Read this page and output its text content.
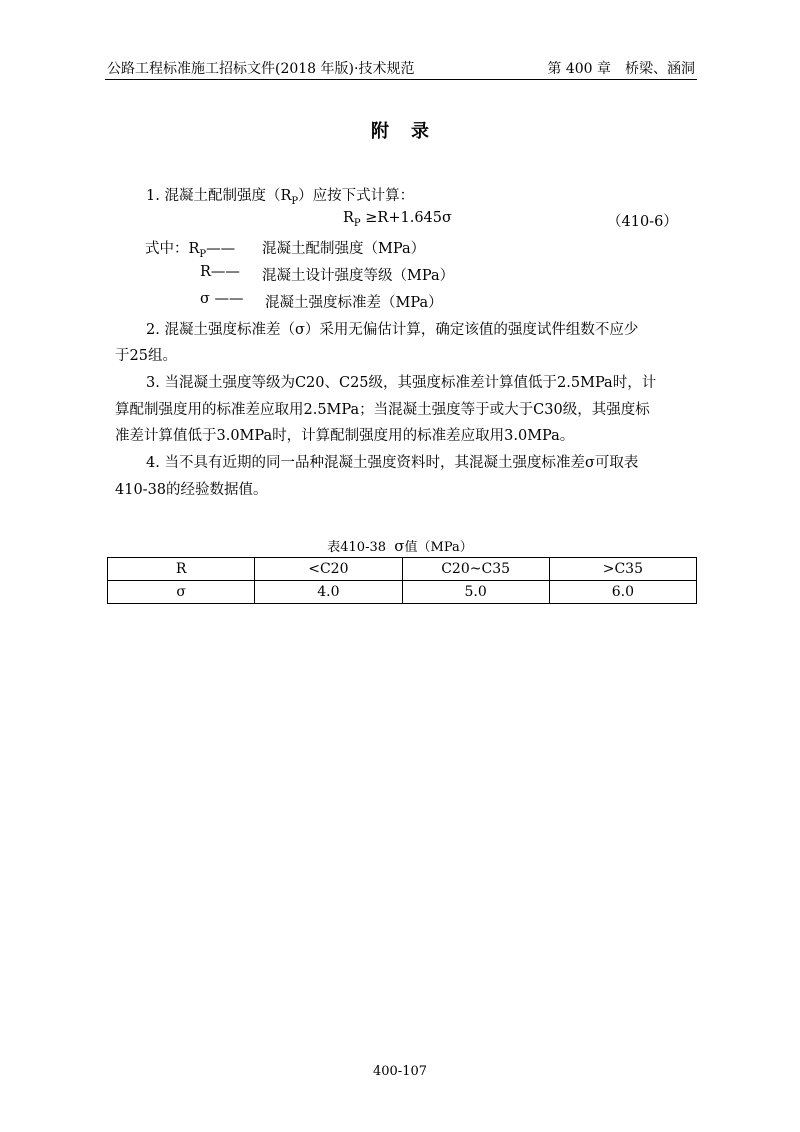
公路工程标准施工招标文件(2018 年版)·技术规范	第 400 章　桥梁、涵洞
附录
1. 混凝土配制强度$(R_P)$应按下式计算：
$R_P \ge R+1.645\sigma$	（410-6）
式中：$R_P——$ 混凝土配制强度（MPa）
R—— 混凝土设计强度等级（MPa）
σ —— 混凝土强度标准差（MPa）
2. 混凝土强度标准差（σ）采用无偏估计算，确定该值的强度试件组数不应少
于25组。
3. 当混凝土强度等级为C20、C25级，其强度标准差计算值低于2.5MPa时，计
算配制强度用的标准差应取用2.5MPa；当混凝土强度等于或大于C30级，其强度标
准差计算值低于3.0MPa时，计算配制强度用的标准差应取用3.0MPa。
4. 当不具有近期的同一品种混凝土强度资料时，其混凝土强度标准差σ可取表
410-38的经验数据值。
表410-38 σ值（MPa）
R	<C20	C20~C35	>C35
σ	4.0	5.0	6.0
400-107
